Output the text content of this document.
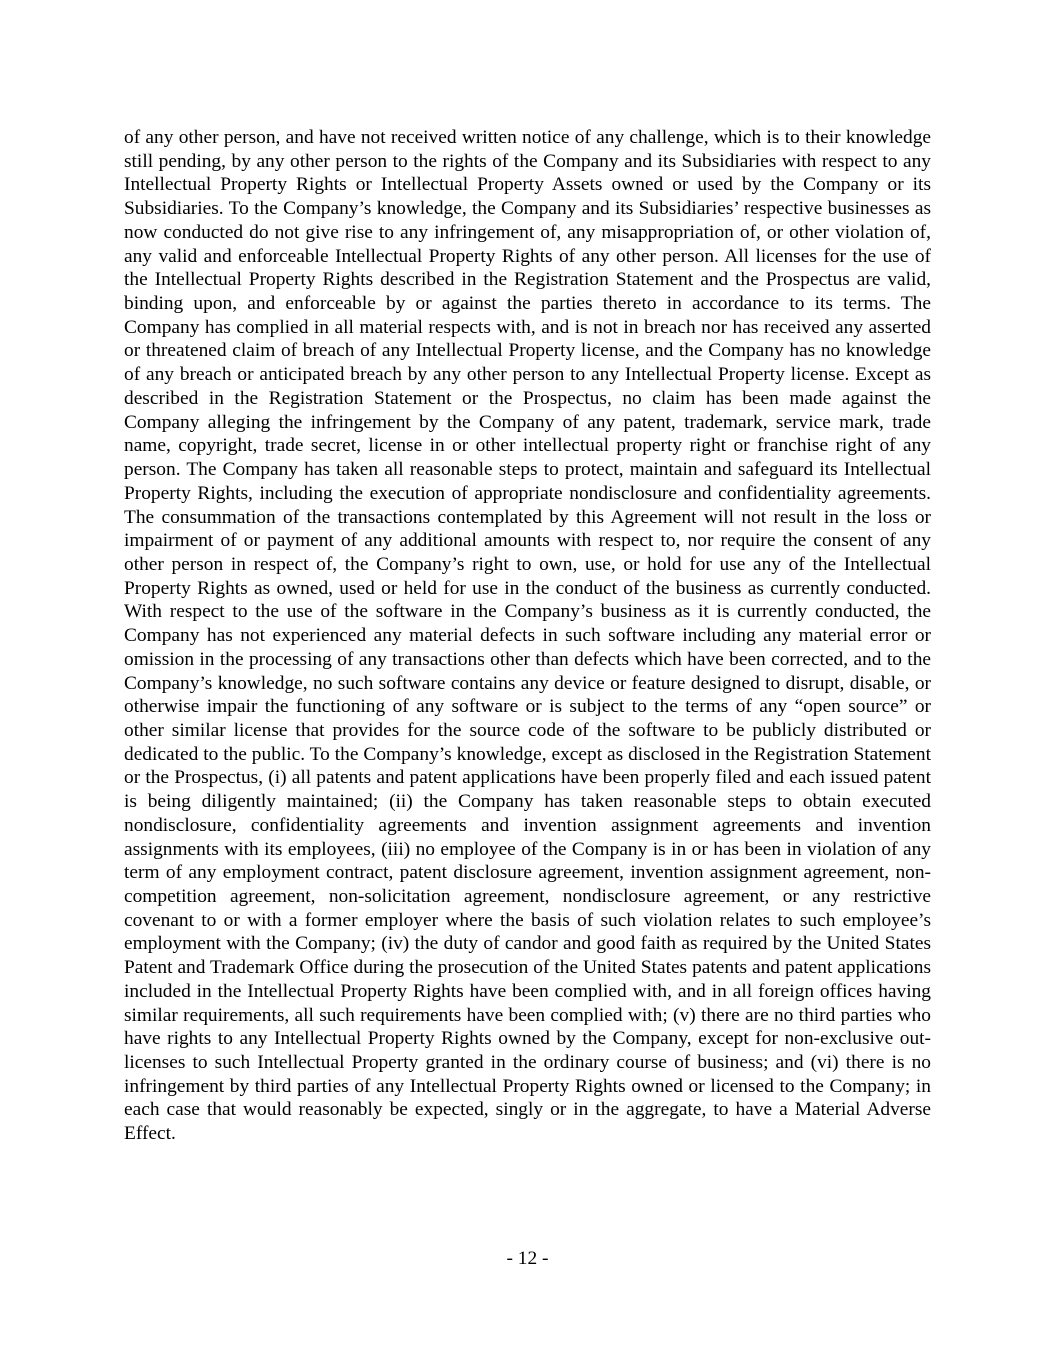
of any other person, and have not received written notice of any challenge, which is to their knowledge still pending, by any other person to the rights of the Company and its Subsidiaries with respect to any Intellectual Property Rights or Intellectual Property Assets owned or used by the Company or its Subsidiaries. To the Company’s knowledge, the Company and its Subsidiaries’ respective businesses as now conducted do not give rise to any infringement of, any misappropriation of, or other violation of, any valid and enforceable Intellectual Property Rights of any other person. All licenses for the use of the Intellectual Property Rights described in the Registration Statement and the Prospectus are valid, binding upon, and enforceable by or against the parties thereto in accordance to its terms. The Company has complied in all material respects with, and is not in breach nor has received any asserted or threatened claim of breach of any Intellectual Property license, and the Company has no knowledge of any breach or anticipated breach by any other person to any Intellectual Property license. Except as described in the Registration Statement or the Prospectus, no claim has been made against the Company alleging the infringement by the Company of any patent, trademark, service mark, trade name, copyright, trade secret, license in or other intellectual property right or franchise right of any person. The Company has taken all reasonable steps to protect, maintain and safeguard its Intellectual Property Rights, including the execution of appropriate nondisclosure and confidentiality agreements. The consummation of the transactions contemplated by this Agreement will not result in the loss or impairment of or payment of any additional amounts with respect to, nor require the consent of any other person in respect of, the Company’s right to own, use, or hold for use any of the Intellectual Property Rights as owned, used or held for use in the conduct of the business as currently conducted. With respect to the use of the software in the Company’s business as it is currently conducted, the Company has not experienced any material defects in such software including any material error or omission in the processing of any transactions other than defects which have been corrected, and to the Company’s knowledge, no such software contains any device or feature designed to disrupt, disable, or otherwise impair the functioning of any software or is subject to the terms of any “open source” or other similar license that provides for the source code of the software to be publicly distributed or dedicated to the public. To the Company’s knowledge, except as disclosed in the Registration Statement or the Prospectus, (i) all patents and patent applications have been properly filed and each issued patent is being diligently maintained; (ii) the Company has taken reasonable steps to obtain executed nondisclosure, confidentiality agreements and invention assignment agreements and invention assignments with its employees, (iii) no employee of the Company is in or has been in violation of any term of any employment contract, patent disclosure agreement, invention assignment agreement, non-competition agreement, non-solicitation agreement, nondisclosure agreement, or any restrictive covenant to or with a former employer where the basis of such violation relates to such employee’s employment with the Company; (iv) the duty of candor and good faith as required by the United States Patent and Trademark Office during the prosecution of the United States patents and patent applications included in the Intellectual Property Rights have been complied with, and in all foreign offices having similar requirements, all such requirements have been complied with; (v) there are no third parties who have rights to any Intellectual Property Rights owned by the Company, except for non-exclusive out-licenses to such Intellectual Property granted in the ordinary course of business; and (vi) there is no infringement by third parties of any Intellectual Property Rights owned or licensed to the Company; in each case that would reasonably be expected, singly or in the aggregate, to have a Material Adverse Effect.

- 12 -
